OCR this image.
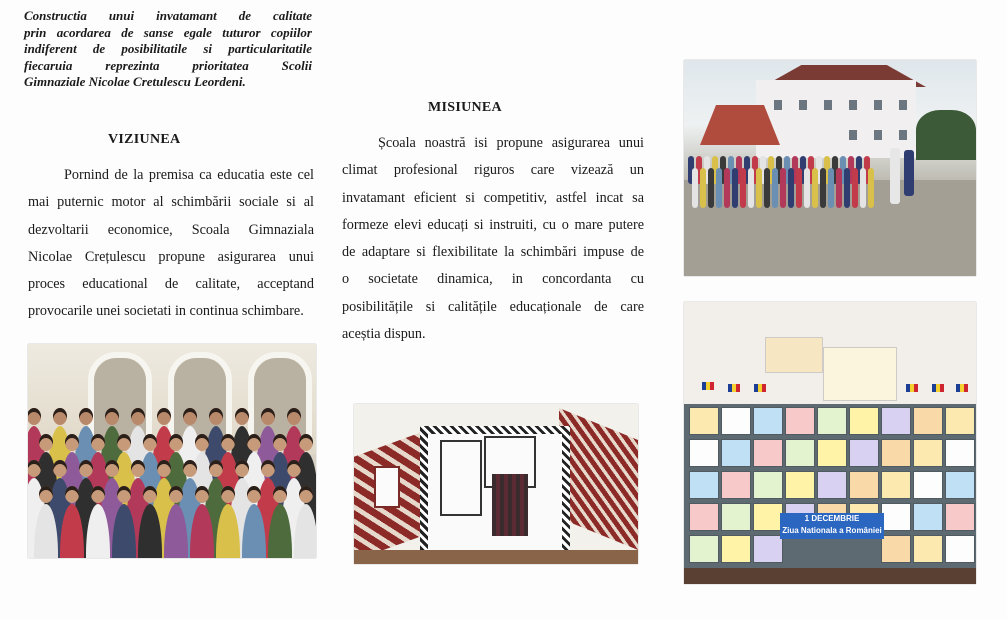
Constructia unui invatamant de calitate
prin acordarea de sanse egale tuturor copiilor
indiferent de posibilitatile si particularitatile
fiecaruia reprezinta prioritatea Scolii
Gimnaziale Nicolae Cretulescu Leordeni.
VIZIUNEA
Pornind de la premisa ca educatia este cel
mai puternic motor al schimbării sociale si al
dezvoltarii economice, Scoala Gimnaziala
Nicolae Crețulescu propune asigurarea unui
proces educational de calitate, acceptand
provocarile unei societati in continua schimbare.
MISIUNEA
Școala noastră isi propune asigurarea unui
climat profesional riguros care vizează un
invatamant eficient si competitiv, astfel incat sa
formeze elevi educați si instruiti, cu o mare putere
de adaptare si flexibilitate la schimbări impuse de
o societate dinamica, in concordanta cu
posibilitățile si calitățile educaționale de care
aceștia dispun.
1 DECEMBRIE
Ziua Nationala a României
